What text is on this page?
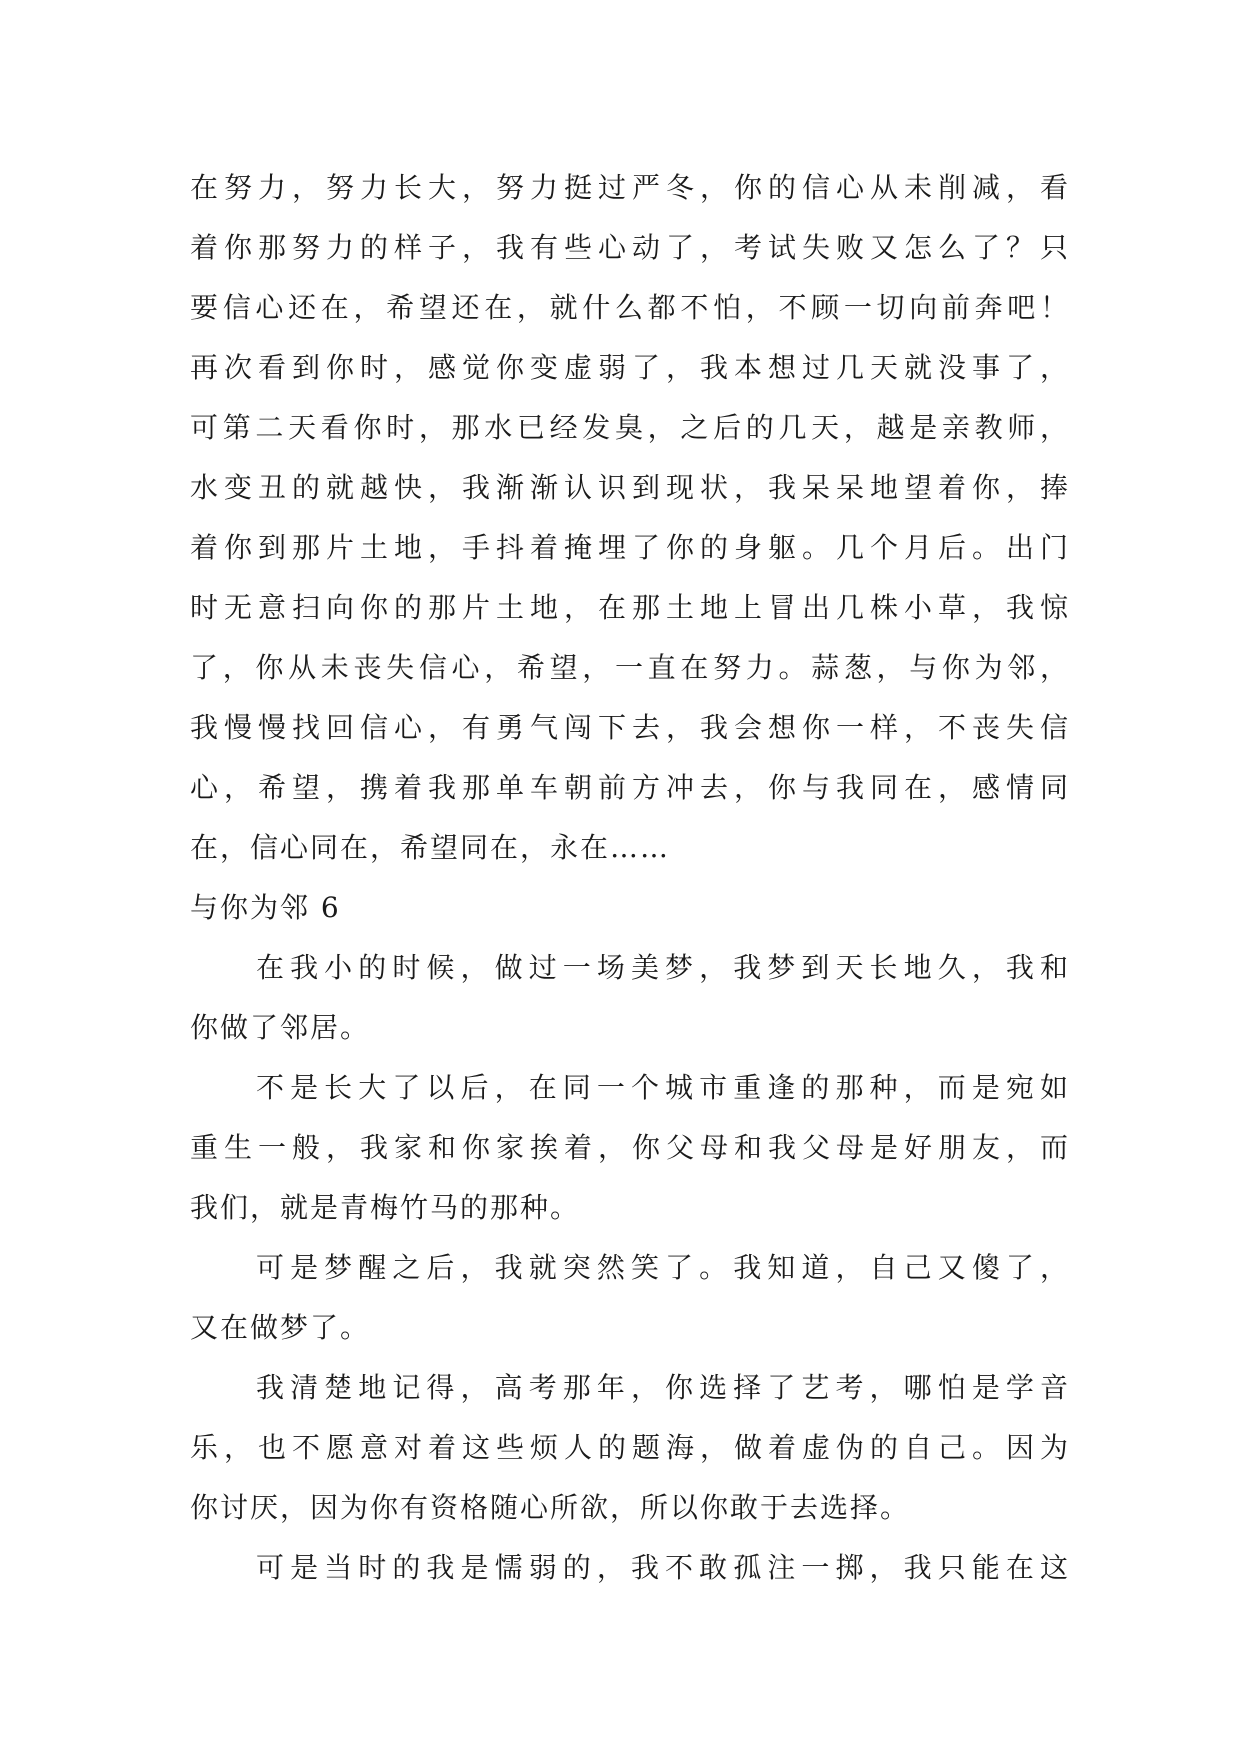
在努力，努力长大，努力挺过严冬，你的信心从未削减，看
着你那努力的样子，我有些心动了，考试失败又怎么了？只
要信心还在，希望还在，就什么都不怕，不顾一切向前奔吧！
再次看到你时，感觉你变虚弱了，我本想过几天就没事了，
可第二天看你时，那水已经发臭，之后的几天，越是亲教师，
水变丑的就越快，我渐渐认识到现状，我呆呆地望着你，捧
着你到那片土地，手抖着掩埋了你的身躯。几个月后。出门
时无意扫向你的那片土地，在那土地上冒出几株小草，我惊
了，你从未丧失信心，希望，一直在努力。蒜葱，与你为邻，
我慢慢找回信心，有勇气闯下去，我会想你一样，不丧失信
心，希望，携着我那单车朝前方冲去，你与我同在，感情同
在，信心同在，希望同在，永在……
与你为邻 6
在我小的时候，做过一场美梦，我梦到天长地久，我和
你做了邻居。
不是长大了以后，在同一个城市重逢的那种，而是宛如
重生一般，我家和你家挨着，你父母和我父母是好朋友，而
我们，就是青梅竹马的那种。
可是梦醒之后，我就突然笑了。我知道，自己又傻了，
又在做梦了。
我清楚地记得，高考那年，你选择了艺考，哪怕是学音
乐，也不愿意对着这些烦人的题海，做着虚伪的自己。因为
你讨厌，因为你有资格随心所欲，所以你敢于去选择。
可是当时的我是懦弱的，我不敢孤注一掷，我只能在这
